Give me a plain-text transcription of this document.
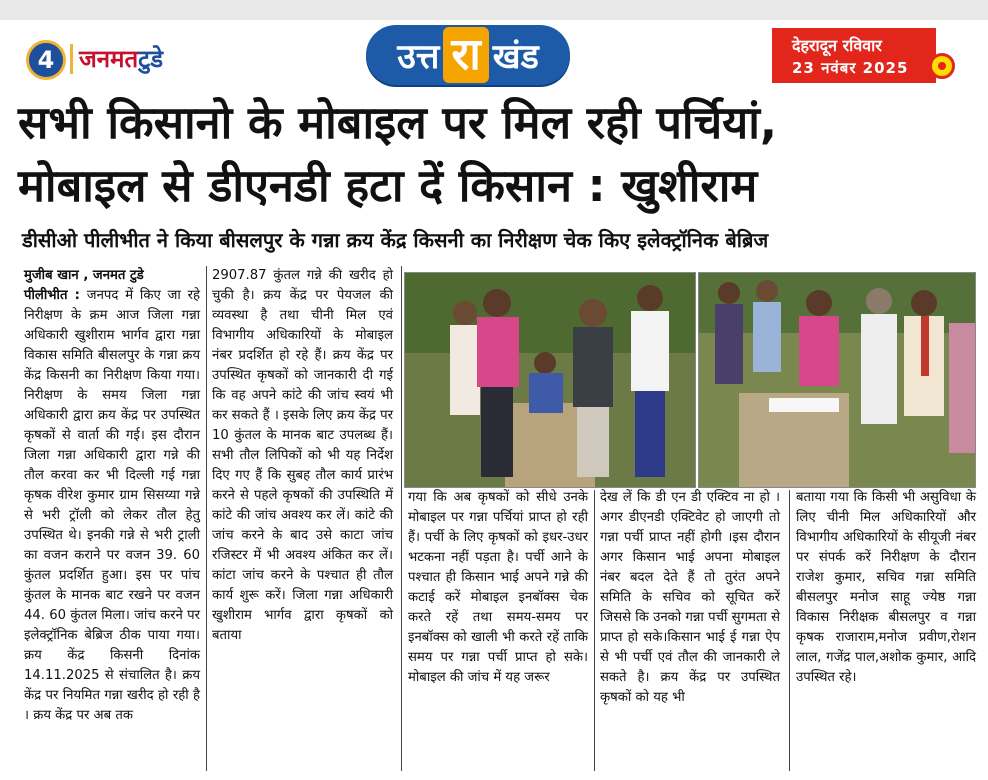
4	जनमतटुडे	उत्त रा खंड	देहरादून रविवार
23 नवंबर 2025
सभी किसानो के मोबाइल पर मिल रही पर्चियां,
मोबाइल से डीएनडी हटा दें किसान : खुशीराम
डीसीओ पीलीभीत ने किया बीसलपुर के गन्ना क्रय केंद्र किसनी का निरीक्षण चेक किए इलेक्ट्रॉनिक बेब्रिज

मुजीब खान , जनमत टुडे

पीलीभीत : जनपद में किए जा रहे निरीक्षण के क्रम आज जिला गन्ना अधिकारी खुशीराम भार्गव द्वारा गन्ना विकास समिति बीसलपुर के गन्ना क्रय केंद्र किसनी का निरीक्षण किया गया। निरीक्षण के समय जिला गन्ना अधिकारी द्वारा क्रय केंद्र पर उपस्थित कृषकों से वार्ता की गई। इस दौरान जिला गन्ना अधिकारी द्वारा गन्ने की तौल करवा कर भी दिल्ली गई गन्ना कृषक वीरेश कुमार ग्राम सिसय्या गन्ने से भरी ट्रॉली को लेकर तौल हेतु उपस्थित थे। इनकी गन्ने से भरी ट्राली का वजन कराने पर वजन 39. 60 कुंतल प्रदर्शित हुआ। इस पर पांच कुंतल के मानक बाट रखने पर वजन 44. 60 कुंतल मिला। जांच करने पर इलेक्ट्रॉनिक बेब्रिज ठीक पाया गया। क्रय केंद्र किसनी दिनांक 14.11.2025 से संचालित है। क्रय केंद्र पर नियमित गन्ना खरीद हो रही है । क्रय केंद्र पर अब तक

2907.87 कुंतल गन्ने की खरीद हो चुकी है। क्रय केंद्र पर पेयजल की व्यवस्था है तथा चीनी मिल एवं विभागीय अधिकारियों के मोबाइल नंबर प्रदर्शित हो रहे हैं। क्रय केंद्र पर उपस्थित कृषकों को जानकारी दी गई कि वह अपने कांटे की जांच स्वयं भी कर सकते हैं । इसके लिए क्रय केंद्र पर 10 कुंतल के मानक बाट उपलब्ध हैं। सभी तौल लिपिकों को भी यह निर्देश दिए गए हैं कि सुबह तौल कार्य प्रारंभ करने से पहले कृषकों की उपस्थिति में कांटे की जांच अवश्य कर लें। कांटे की जांच करने के बाद उसे काटा जांच रजिस्टर में भी अवश्य अंकित कर लें। कांटा जांच करने के पश्चात ही तौल कार्य शुरू करें। जिला गन्ना अधिकारी खुशीराम भार्गव द्वारा कृषकों को बताया
गया कि अब कृषकों को सीधे उनके मोबाइल पर गन्ना पर्चियां प्राप्त हो रही हैं। पर्ची के लिए कृषकों को इधर-उधर भटकना नहीं पड़ता है। पर्ची आने के पश्चात ही किसान भाई अपने गन्ने की कटाई करें मोबाइल इनबॉक्स चेक करते रहें तथा समय-समय पर इनबॉक्स को खाली भी करते रहें ताकि समय पर गन्ना पर्ची प्राप्त हो सके। मोबाइल की जांच में यह जरूर
देख लें कि डी एन डी एक्टिव ना हो ।अगर डीएनडी एक्टिवेट हो जाएगी तो गन्ना पर्ची प्राप्त नहीं होगी ।इस दौरान अगर किसान भाई अपना मोबाइल नंबर बदल देते हैं तो तुरंत अपने समिति के सचिव को सूचित करें जिससे कि उनको गन्ना पर्ची सुगमता से प्राप्त हो सके।किसान भाई ई गन्ना ऐप से भी पर्ची एवं तौल की जानकारी ले सकते है। क्रय केंद्र पर उपस्थित कृषकों को यह भी
बताया गया कि किसी भी असुविधा के लिए चीनी मिल अधिकारियों और विभागीय अधिकारियों के सीयूजी नंबर पर संपर्क करें निरीक्षण के दौरान राजेश कुमार, सचिव गन्ना समिति बीसलपुर मनोज साहू ज्येष्ठ गन्ना विकास निरीक्षक बीसलपुर व गन्ना कृषक राजाराम,मनोज प्रवीण,रोशन लाल, गजेंद्र पाल,अशोक कुमार, आदि उपस्थित रहे।
